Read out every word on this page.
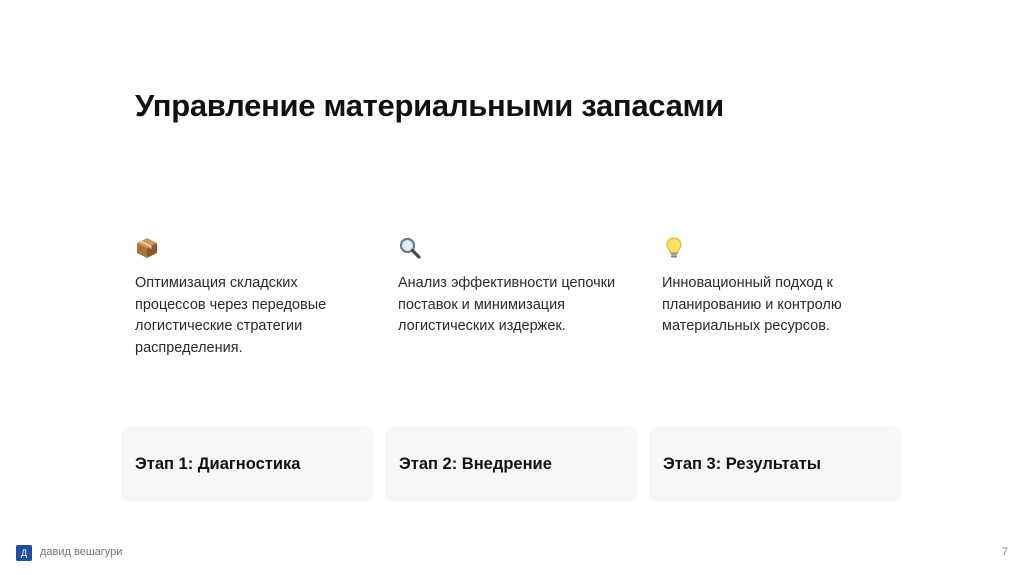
Управление материальными запасами
Оптимизация складских процессов через передовые логистические стратегии распределения.
Анализ эффективности цепочки поставок и минимизация логистических издержек.
Инновационный подход к планированию и контролю материальных ресурсов.
Этап 1: Диагностика	Этап 2: Внедрение	Этап 3: Результаты
Д	давид вешагури	7
